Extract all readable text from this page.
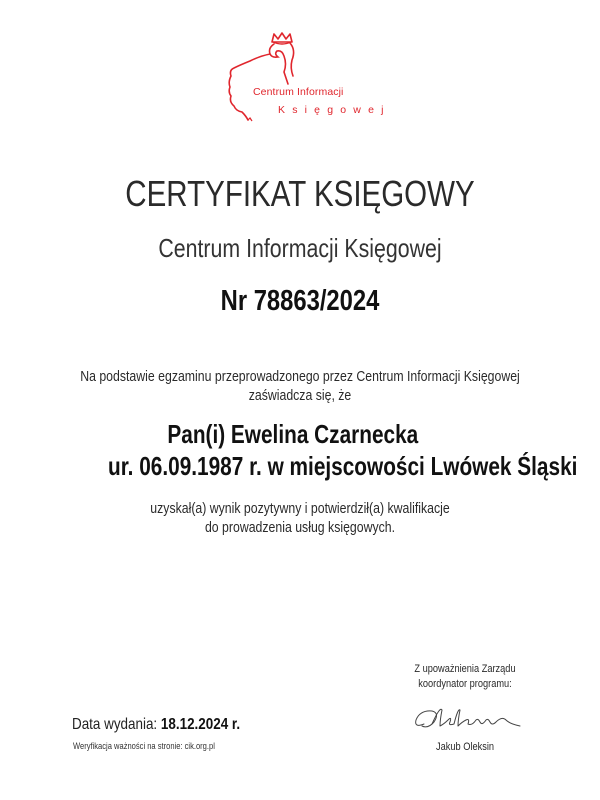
Centrum Informacji
Księgowej
CERTYFIKAT KSIĘGOWY
Centrum Informacji Księgowej
Nr 78863/2024
Na podstawie egzaminu przeprowadzonego przez Centrum Informacji Księgowej
zaświadcza się, że
Pan(i) Ewelina Czarnecka
ur. 06.09.1987 r. w miejscowości Lwówek Śląski
uzyskał(a) wynik pozytywny i potwierdził(a) kwalifikacje
do prowadzenia usług księgowych.
Data wydania: 18.12.2024 r.
Weryfikacja ważności na stronie: cik.org.pl
Z upoważnienia Zarządu
koordynator programu:
Jakub Oleksin
